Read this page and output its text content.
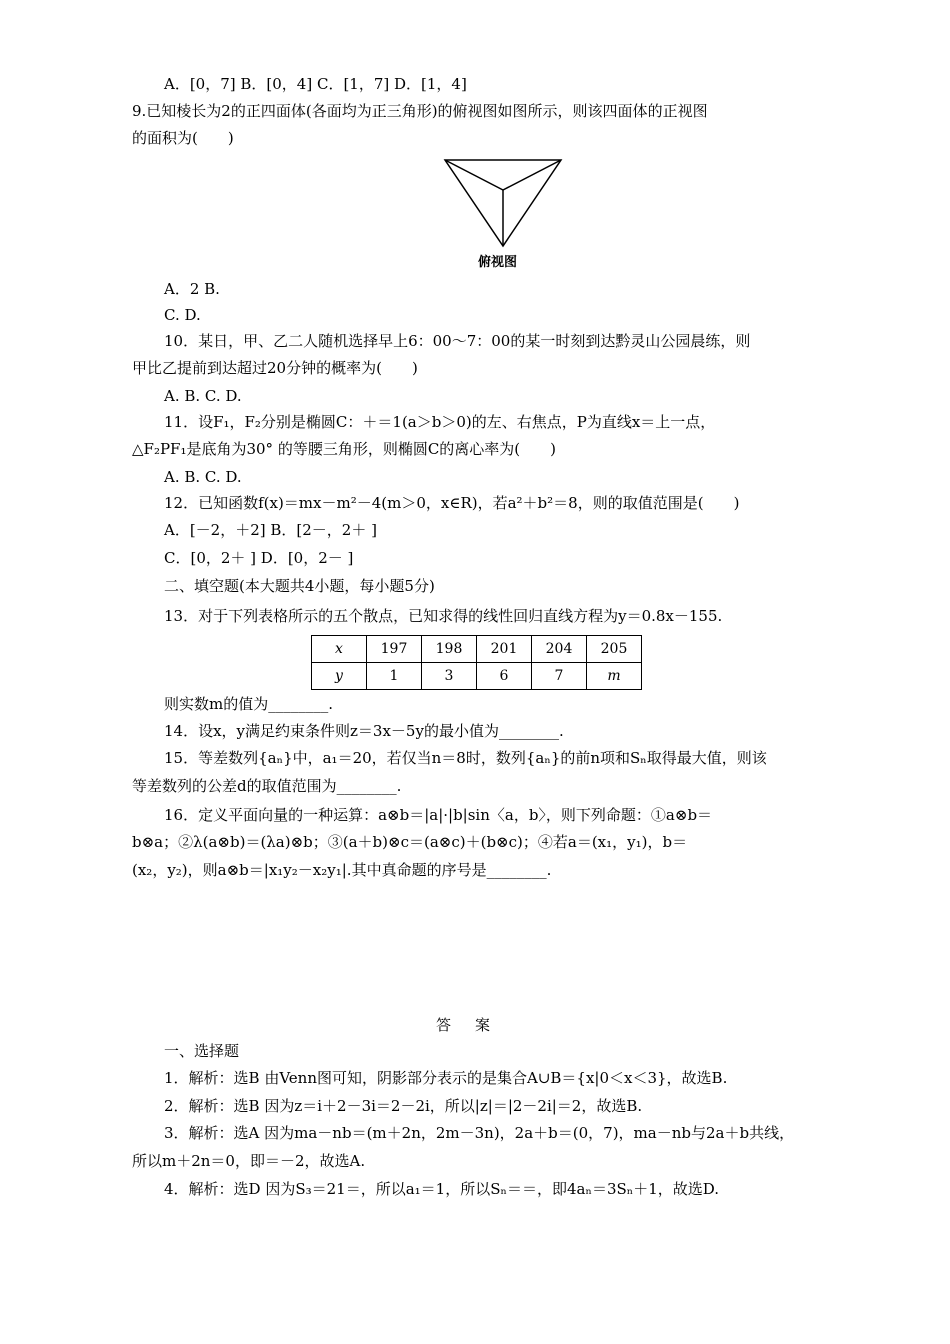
A．[0，7] B．[0，4] C．[1，7] D．[1，4]
9.已知棱长为2的正四面体(各面均为正三角形)的俯视图如图所示，则该四面体的正视图
的面积为(　　)
俯视图
A．2 B.
C. D.
10．某日，甲、乙二人随机选择早上6：00～7：00的某一时刻到达黔灵山公园晨练，则
甲比乙提前到达超过20分钟的概率为(　　)
A. B. C. D.
11．设F₁，F₂分别是椭圆C：＋＝1(a＞b＞0)的左、右焦点，P为直线x＝上一点，
△F₂PF₁是底角为30° 的等腰三角形，则椭圆C的离心率为(　　)
A. B. C. D.
12．已知函数f(x)＝mx－m²－4(m＞0，x∈R)，若a²＋b²＝8，则的取值范围是(　　)
A．[－2，＋2] B．[2－，2＋ ]
C．[0，2＋ ] D．[0，2－ ]
二、填空题(本大题共4小题，每小题5分)
13．对于下列表格所示的五个散点，已知求得的线性回归直线方程为y＝0.8x－155.
x	197	198	201	204	205
y	1	3	6	7	m
则实数m的值为________.
14．设x，y满足约束条件则z＝3x－5y的最小值为________.
15．等差数列{aₙ}中，a₁＝20，若仅当n＝8时，数列{aₙ}的前n项和Sₙ取得最大值，则该
等差数列的公差d的取值范围为________.
16．定义平面向量的一种运算：a⊗b＝|a|·|b|sin〈a，b〉，则下列命题：①a⊗b＝
b⊗a；②λ(a⊗b)＝(λa)⊗b；③(a＋b)⊗c＝(a⊗c)＋(b⊗c)；④若a＝(x₁，y₁)，b＝
(x₂，y₂)，则a⊗b＝|x₁y₂－x₂y₁|.其中真命题的序号是________.
答案
一、选择题
1．解析：选B 由Venn图可知，阴影部分表示的是集合A∪B＝{x|0＜x＜3}，故选B.
2．解析：选B 因为z＝i＋2－3i＝2－2i，所以|z|＝|2－2i|＝2，故选B.
3．解析：选A 因为ma－nb＝(m＋2n，2m－3n)，2a＋b＝(0，7)，ma－nb与2a＋b共线，
所以m＋2n＝0，即＝－2，故选A.
4．解析：选D 因为S₃＝21＝，所以a₁＝1，所以Sₙ＝＝，即4aₙ＝3Sₙ＋1，故选D.
